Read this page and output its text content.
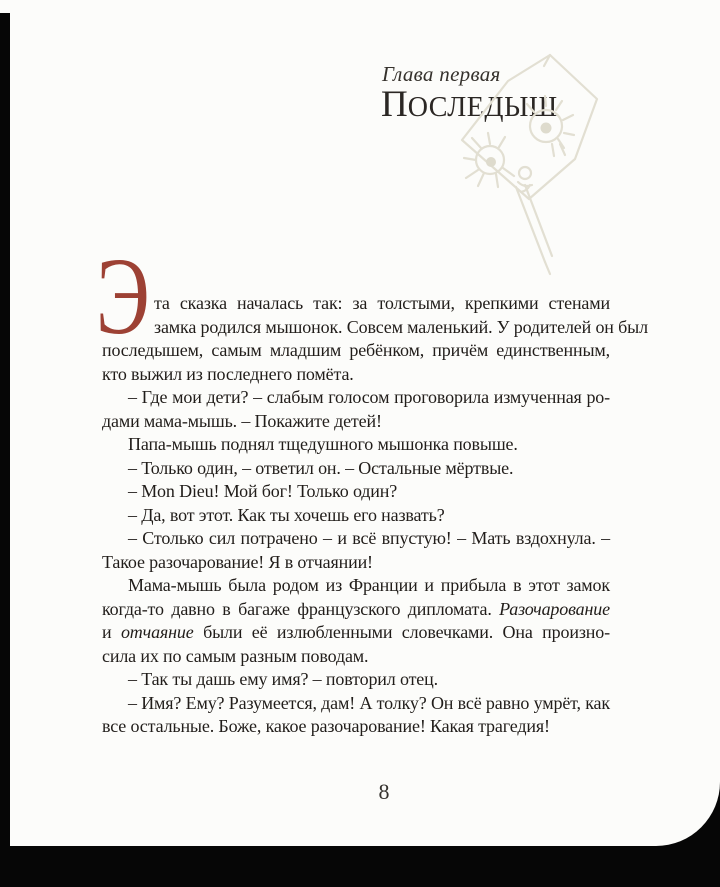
Глава первая
ПОСЛЕДЫШ
Э та сказка началась так: за толстыми, крепкими стенами
замка родился мышонок. Совсем маленький. У родителей он был
последышем, самым младшим ребёнком, причём единственным,
кто выжил из последнего помёта.
– Где мои дети? – слабым голосом проговорила измученная ро-
дами мама-мышь. – Покажите детей!
Папа-мышь поднял тщедушного мышонка повыше.
– Только один, – ответил он. – Остальные мёртвые.
– Mon Dieu! Мой бог! Только один?
– Да, вот этот. Как ты хочешь его назвать?
– Столько сил потрачено – и всё впустую! – Мать вздохнула. –
Такое разочарование! Я в отчаянии!
Мама-мышь была родом из Франции и прибыла в этот замок
когда-то давно в багаже французского дипломата. Разочарование
и отчаяние были её излюбленными словечками. Она произно-
сила их по самым разным поводам.
– Так ты дашь ему имя? – повторил отец.
– Имя? Ему? Разумеется, дам! А толку? Он всё равно умрёт, как
все остальные. Боже, какое разочарование! Какая трагедия!
8
